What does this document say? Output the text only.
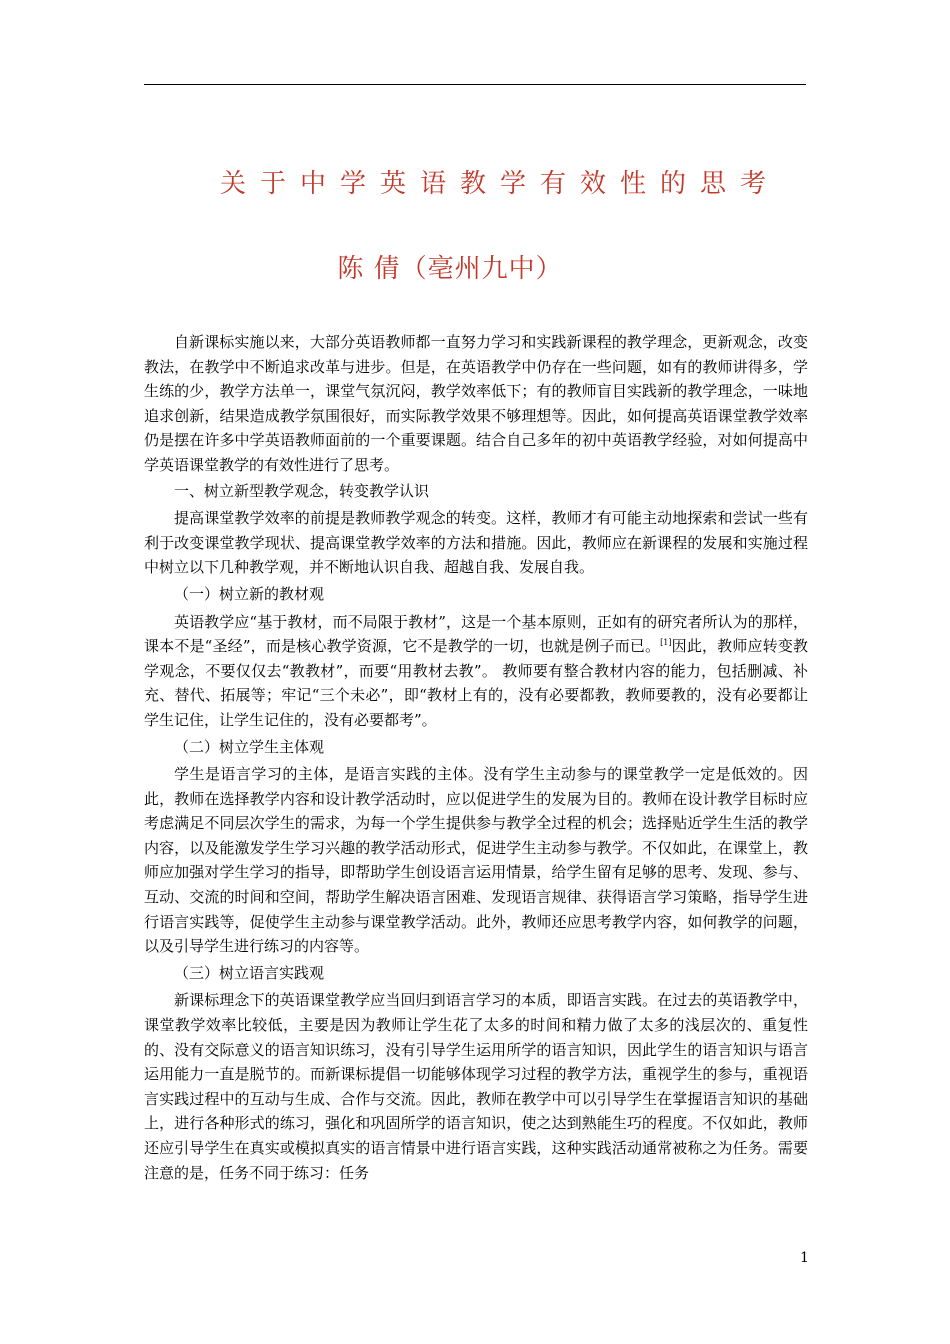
关于中学英语教学有效性的思考
陈 倩（亳州九中）

自新课标实施以来，大部分英语教师都一直努力学习和实践新课程的教学理念，更新观念，改变教法，在教学中不断追求改革与进步。但是，在英语教学中仍存在一些问题，如有的教师讲得多，学生练的少，教学方法单一，课堂气氛沉闷，教学效率低下；有的教师盲目实践新的教学理念，一味地追求创新，结果造成教学氛围很好，而实际教学效果不够理想等。因此，如何提高英语课堂教学效率仍是摆在许多中学英语教师面前的一个重要课题。结合自己多年的初中英语教学经验，对如何提高中学英语课堂教学的有效性进行了思考。

一、树立新型教学观念，转变教学认识

提高课堂教学效率的前提是教师教学观念的转变。这样，教师才有可能主动地探索和尝试一些有利于改变课堂教学现状、提高课堂教学效率的方法和措施。因此，教师应在新课程的发展和实施过程中树立以下几种教学观，并不断地认识自我、超越自我、发展自我。

（一）树立新的教材观

英语教学应“基于教材，而不局限于教材”，这是一个基本原则，正如有的研究者所认为的那样，课本不是“圣经”，而是核心教学资源，它不是教学的一切，也就是例子而已。[1]因此，教师应转变教学观念，不要仅仅去“教教材”，而要“用教材去教”。 教师要有整合教材内容的能力，包括删减、补充、替代、拓展等；牢记“三个未必”，即“教材上有的，没有必要都教，教师要教的，没有必要都让学生记住，让学生记住的，没有必要都考”。

（二）树立学生主体观

学生是语言学习的主体，是语言实践的主体。没有学生主动参与的课堂教学一定是低效的。因此，教师在选择教学内容和设计教学活动时，应以促进学生的发展为目的。教师在设计教学目标时应考虑满足不同层次学生的需求，为每一个学生提供参与教学全过程的机会；选择贴近学生生活的教学内容，以及能激发学生学习兴趣的教学活动形式，促进学生主动参与教学。不仅如此，在课堂上，教师应加强对学生学习的指导，即帮助学生创设语言运用情景，给学生留有足够的思考、发现、参与、互动、交流的时间和空间，帮助学生解决语言困难、发现语言规律、获得语言学习策略，指导学生进行语言实践等，促使学生主动参与课堂教学活动。此外，教师还应思考教学内容，如何教学的问题，以及引导学生进行练习的内容等。

（三）树立语言实践观

新课标理念下的英语课堂教学应当回归到语言学习的本质，即语言实践。在过去的英语教学中，课堂教学效率比较低，主要是因为教师让学生花了太多的时间和精力做了太多的浅层次的、重复性的、没有交际意义的语言知识练习，没有引导学生运用所学的语言知识，因此学生的语言知识与语言运用能力一直是脱节的。而新课标提倡一切能够体现学习过程的教学方法，重视学生的参与，重视语言实践过程中的互动与生成、合作与交流。因此，教师在教学中可以引导学生在掌握语言知识的基础上，进行各种形式的练习，强化和巩固所学的语言知识，使之达到熟能生巧的程度。不仅如此，教师还应引导学生在真实或模拟真实的语言情景中进行语言实践，这种实践活动通常被称之为任务。需要注意的是，任务不同于练习：任务

1
